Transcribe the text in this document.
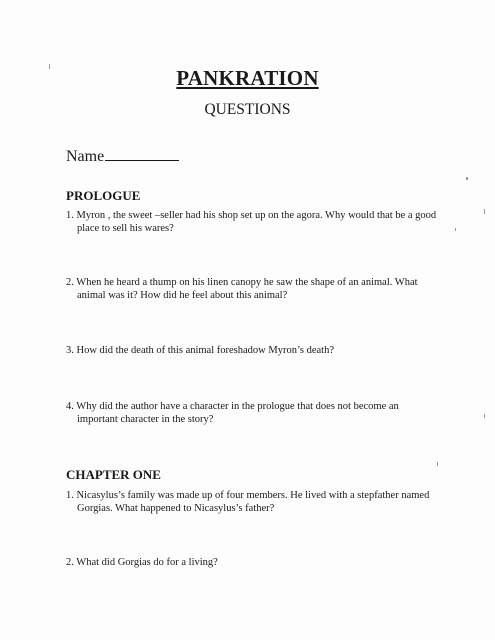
PANKRATION
QUESTIONS
Name
PROLOGUE
1. Myron , the sweet –seller had his shop set up on the agora. Why would that be a good
place to sell his wares?
2. When he heard a thump on his linen canopy he saw the shape of an animal. What
animal was it? How did he feel about this animal?
3. How did the death of this animal foreshadow Myron’s death?
4. Why did the author have a character in the prologue that does not become an
important character in the story?
CHAPTER ONE
1. Nicasylus’s family was made up of four members. He lived with a stepfather named
Gorgias. What happened to Nicasylus’s father?
2. What did Gorgias do for a living?
